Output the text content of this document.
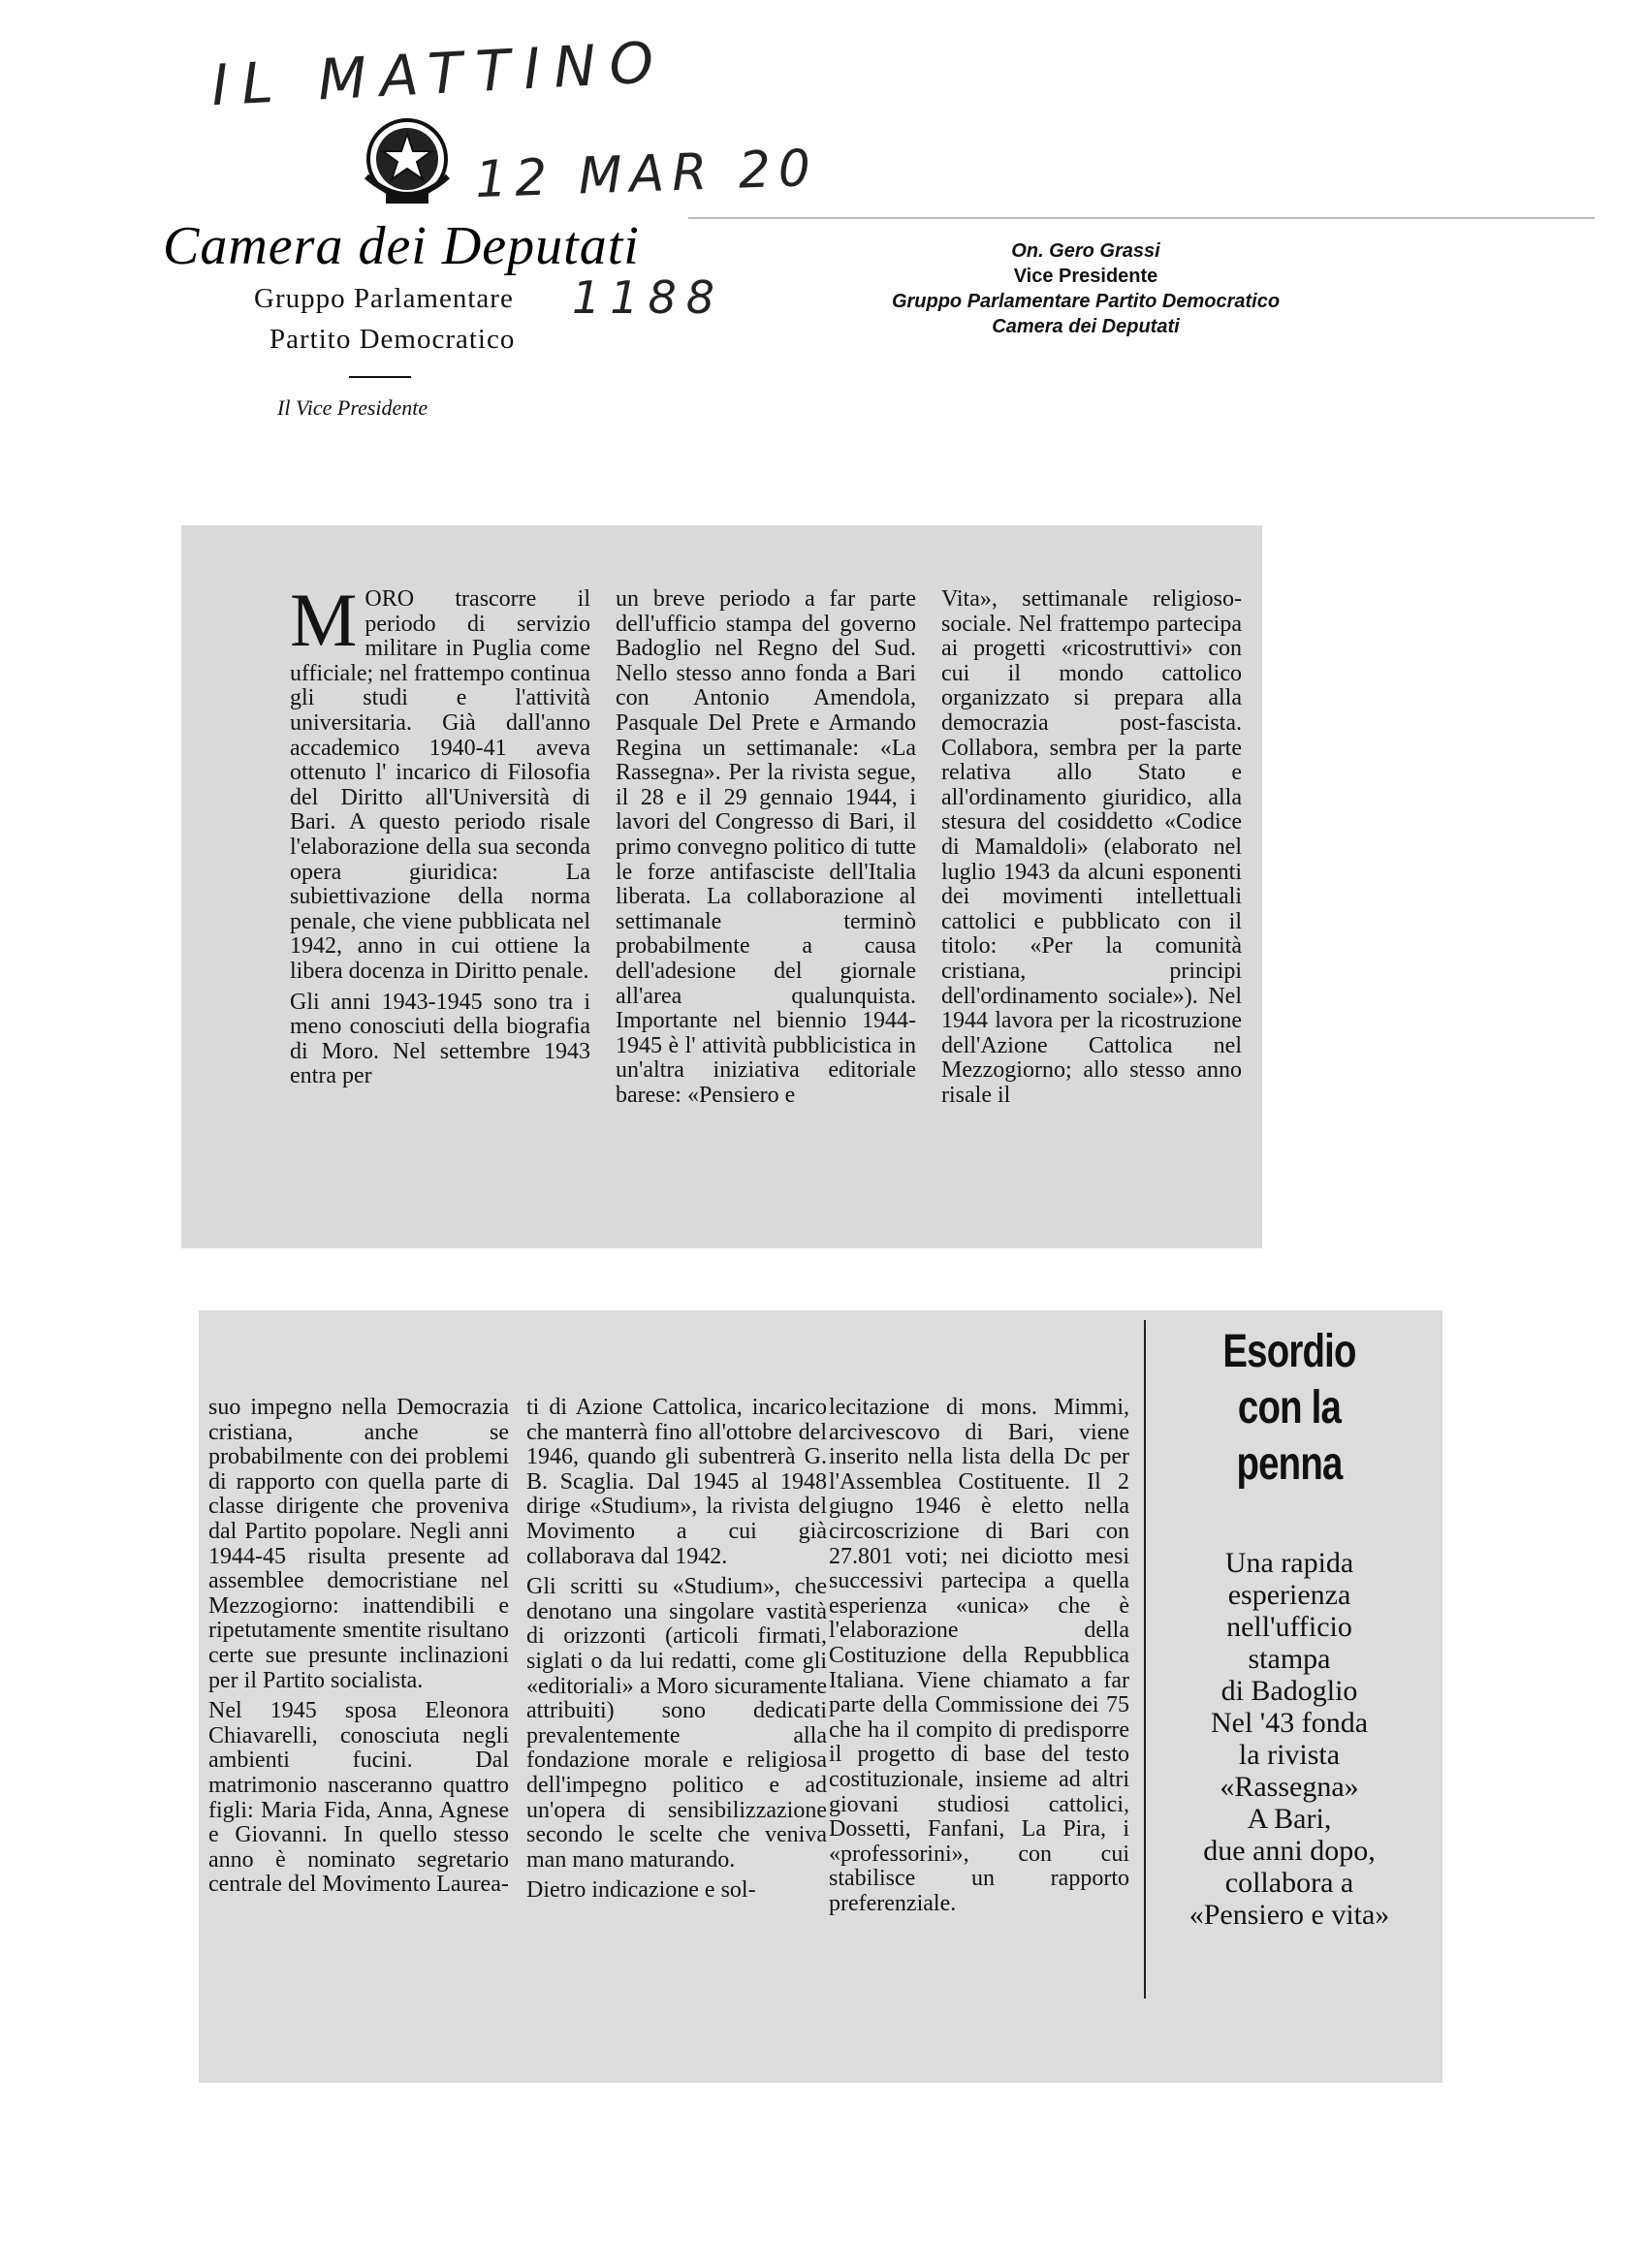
IL MATTINO
12 MAR 20
1188
Camera dei Deputati
Gruppo Parlamentare
Partito Democratico
Il Vice Presidente
On. Gero Grassi
Vice Presidente
Gruppo Parlamentare Partito Democratico
Camera dei Deputati

MORO trascorre il periodo di servizio militare in Puglia come ufficiale; nel frattempo continua gli studi e l'attività universitaria. Già dall'anno accademico 1940-41 aveva ottenuto l' incarico di Filosofia del Diritto all'Università di Bari. A questo periodo risale l'elaborazione della sua seconda opera giuridica: La subiettivazione della norma penale, che viene pubblicata nel 1942, anno in cui ottiene la libera docenza in Diritto penale.

Gli anni 1943-1945 sono tra i meno conosciuti della biografia di Moro. Nel settembre 1943 entra per

un breve periodo a far parte dell'ufficio stampa del governo Badoglio nel Regno del Sud. Nello stesso anno fonda a Bari con Antonio Amendola, Pasquale Del Prete e Armando Regina un settimanale: «La Rassegna». Per la rivista segue, il 28 e il 29 gennaio 1944, i lavori del Congresso di Bari, il primo convegno politico di tutte le forze antifasciste dell'Italia liberata. La collaborazione al settimanale terminò probabilmente a causa dell'adesione del giornale all'area qualunquista. Importante nel biennio 1944-1945 è l' attività pubblicistica in un'altra iniziativa editoriale barese: «Pensiero e

Vita», settimanale religioso-sociale. Nel frattempo partecipa ai progetti «ricostruttivi» con cui il mondo cattolico organizzato si prepara alla democrazia post-fascista. Collabora, sembra per la parte relativa allo Stato e all'ordinamento giuridico, alla stesura del cosiddetto «Codice di Mamaldoli» (elaborato nel luglio 1943 da alcuni esponenti dei movimenti intellettuali cattolici e pubblicato con il titolo: «Per la comunità cristiana, principi dell'ordinamento sociale»). Nel 1944 lavora per la ricostruzione dell'Azione Cattolica nel Mezzogiorno; allo stesso anno risale il

suo impegno nella Democrazia cristiana, anche se probabilmente con dei problemi di rapporto con quella parte di classe dirigente che proveniva dal Partito popolare. Negli anni 1944-45 risulta presente ad assemblee democristiane nel Mezzogiorno: inattendibili e ripetutamente smentite risultano certe sue presunte inclinazioni per il Partito socialista.

Nel 1945 sposa Eleonora Chiavarelli, conosciuta negli ambienti fucini. Dal matrimonio nasceranno quattro figli: Maria Fida, Anna, Agnese e Giovanni. In quello stesso anno è nominato segretario centrale del Movimento Laurea-

ti di Azione Cattolica, incarico che manterrà fino all'ottobre del 1946, quando gli subentrerà G. B. Scaglia. Dal 1945 al 1948 dirige «Studium», la rivista del Movimento a cui già collaborava dal 1942.

Gli scritti su «Studium», che denotano una singolare vastità di orizzonti (articoli firmati, siglati o da lui redatti, come gli «editoriali» a Moro sicuramente attribuiti) sono dedicati prevalentemente alla fondazione morale e religiosa dell'impegno politico e ad un'opera di sensibilizzazione secondo le scelte che veniva man mano maturando.

Dietro indicazione e sol-

lecitazione di mons. Mimmi, arcivescovo di Bari, viene inserito nella lista della Dc per l'Assemblea Costituente. Il 2 giugno 1946 è eletto nella circoscrizione di Bari con 27.801 voti; nei diciotto mesi successivi partecipa a quella esperienza «unica» che è l'elaborazione della Costituzione della Repubblica Italiana. Viene chiamato a far parte della Commissione dei 75 che ha il compito di predisporre il progetto di base del testo costituzionale, insieme ad altri giovani studiosi cattolici, Dossetti, Fanfani, La Pira, i «professorini», con cui stabilisce un rapporto preferenziale.

Esordio
con la
penna
Una rapida
esperienza
nell'ufficio
stampa
di Badoglio
Nel '43 fonda
la rivista
«Rassegna»
A Bari,
due anni dopo,
collabora a
«Pensiero e vita»
